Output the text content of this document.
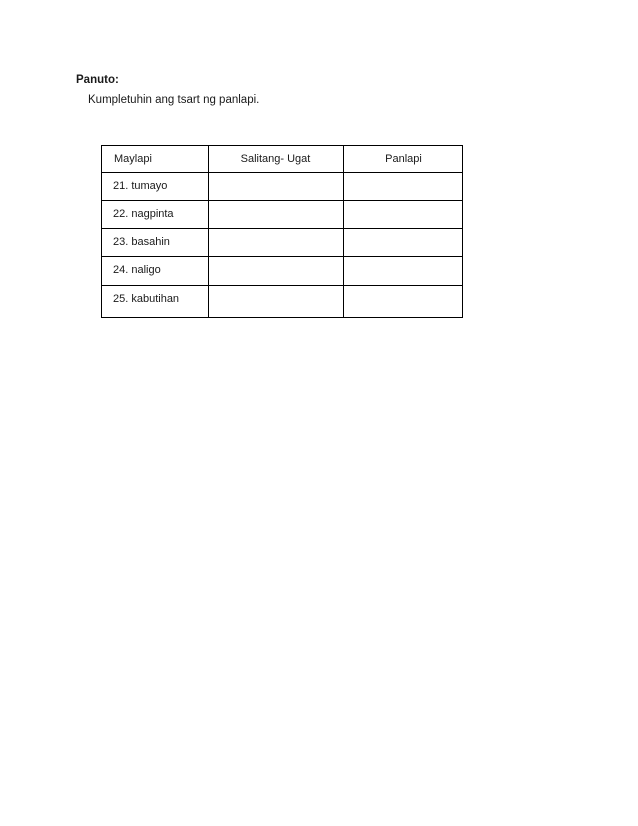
Panuto:
Kumpletuhin ang tsart ng panlapi.
Maylapi	Salitang- Ugat	Panlapi
21. tumayo
22. nagpinta
23. basahin
24. naligo
25. kabutihan
